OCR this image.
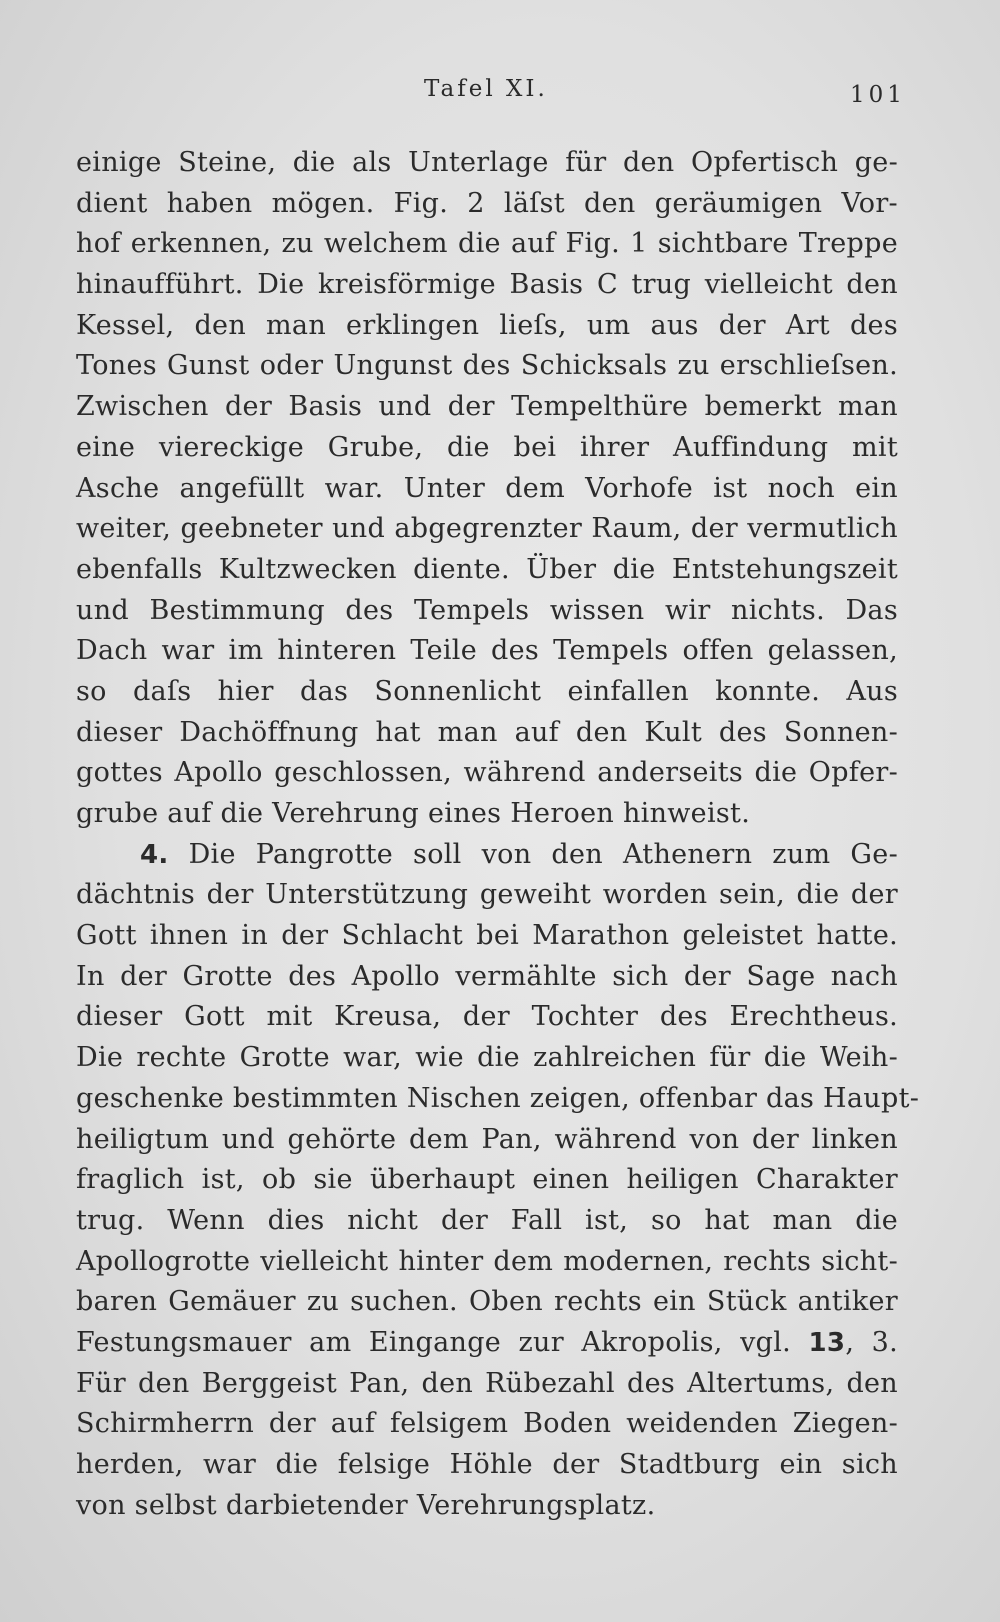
Tafel XI.	101
einige Steine, die als Unterlage für den Opfertisch ge-
dient haben mögen. Fig. 2 läſst den geräumigen Vor-
hof erkennen, zu welchem die auf Fig. 1 sichtbare Treppe
hinaufführt. Die kreisförmige Basis C trug vielleicht den
Kessel, den man erklingen lieſs, um aus der Art des
Tones Gunst oder Ungunst des Schicksals zu erschlieſsen.
Zwischen der Basis und der Tempelthüre bemerkt man
eine viereckige Grube, die bei ihrer Auffindung mit
Asche angefüllt war. Unter dem Vorhofe ist noch ein
weiter, geebneter und abgegrenzter Raum, der vermutlich
ebenfalls Kultzwecken diente. Über die Entstehungszeit
und Bestimmung des Tempels wissen wir nichts. Das
Dach war im hinteren Teile des Tempels offen gelassen,
so daſs hier das Sonnenlicht einfallen konnte. Aus
dieser Dachöffnung hat man auf den Kult des Sonnen-
gottes Apollo geschlossen, während anderseits die Opfer-
grube auf die Verehrung eines Heroen hinweist.
4. Die Pangrotte soll von den Athenern zum Ge-
dächtnis der Unterstützung geweiht worden sein, die der
Gott ihnen in der Schlacht bei Marathon geleistet hatte.
In der Grotte des Apollo vermählte sich der Sage nach
dieser Gott mit Kreusa, der Tochter des Erechtheus.
Die rechte Grotte war, wie die zahlreichen für die Weih-
geschenke bestimmten Nischen zeigen, offenbar das Haupt-
heiligtum und gehörte dem Pan, während von der linken
fraglich ist, ob sie überhaupt einen heiligen Charakter
trug. Wenn dies nicht der Fall ist, so hat man die
Apollogrotte vielleicht hinter dem modernen, rechts sicht-
baren Gemäuer zu suchen. Oben rechts ein Stück antiker
Festungsmauer am Eingange zur Akropolis, vgl. 13, 3.
Für den Berggeist Pan, den Rübezahl des Altertums, den
Schirmherrn der auf felsigem Boden weidenden Ziegen-
herden, war die felsige Höhle der Stadtburg ein sich
von selbst darbietender Verehrungsplatz.
